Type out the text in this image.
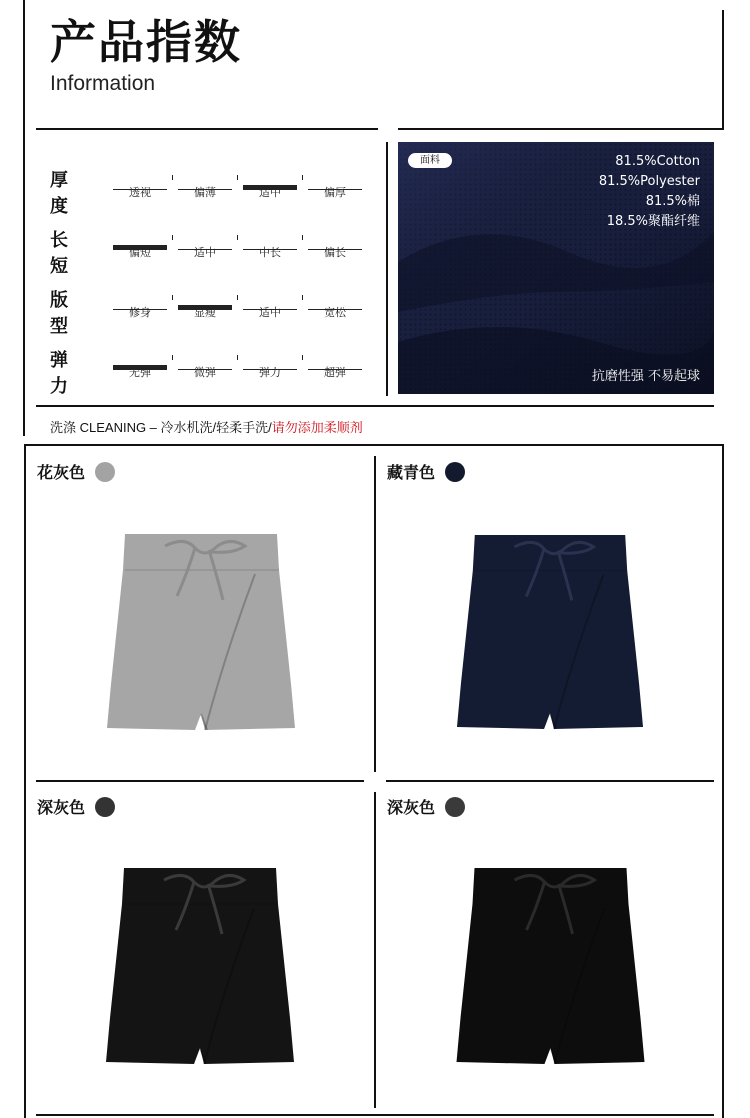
产品指数
Information
厚度
透视	偏薄	适中	偏厚
长短
偏短	适中	中长	偏长
版型
修身	显瘦	适中	宽松
弹力
无弹	微弹	弹力	超弹
面料	81.5%Cotton
81.5%Polyester
81.5%棉
18.5%聚酯纤维
抗磨性强 不易起球
洗涤 CLEANING – 冷水机洗/轻柔手洗/请勿添加柔顺剂
花灰色	藏青色
深灰色	深灰色
